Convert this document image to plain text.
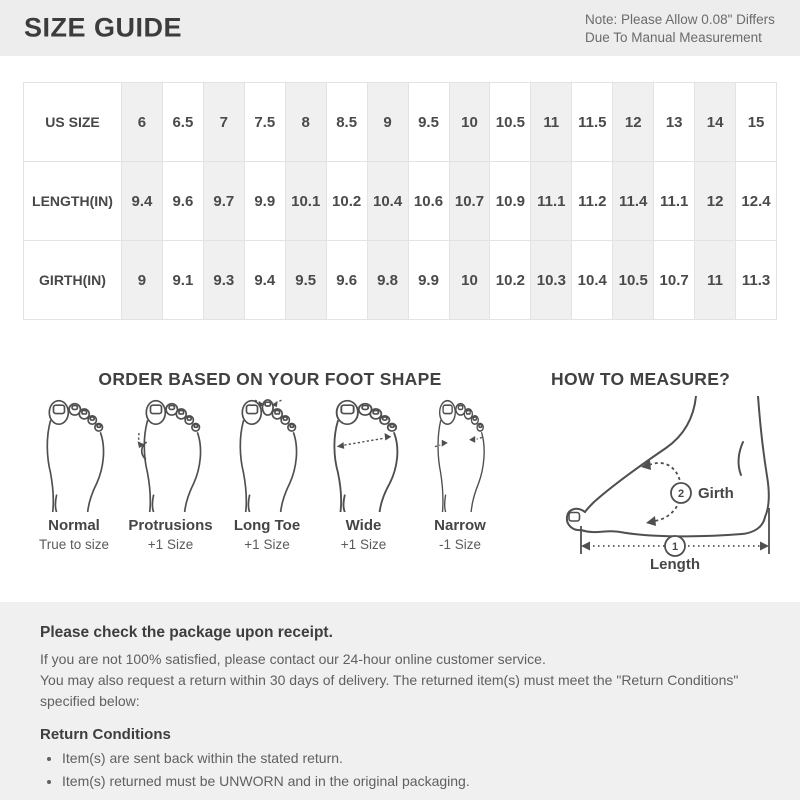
SIZE GUIDE	Note: Please Allow 0.08" Differs
Due To Manual Measurement
US SIZE	6	6.5	7	7.5	8	8.5	9	9.5	10	10.5	11	11.5	12	13	14	15
LENGTH(IN)	9.4	9.6	9.7	9.9	10.1	10.2	10.4	10.6	10.7	10.9	11.1	11.2	11.4	11.1	12	12.4
GIRTH(IN)	9	9.1	9.3	9.4	9.5	9.6	9.8	9.9	10	10.2	10.3	10.4	10.5	10.7	11	11.3
ORDER BASED ON YOUR FOOT SHAPE	HOW TO MEASURE?
Normal
True to size
Protrusions
+1 Size
Long Toe
+1 Size
Wide
+1 Size
Narrow
-1 Size
2 Girth
1
Length
Please check the package upon receipt.

If you are not 100% satisfied, please contact our 24-hour online customer service.

You may also request a return within 30 days of delivery. The returned item(s) must meet the "Return Conditions"

specified below:

Return Conditions
• Item(s) are sent back within the stated return.
• Item(s) returned must be UNWORN and in the original packaging.
